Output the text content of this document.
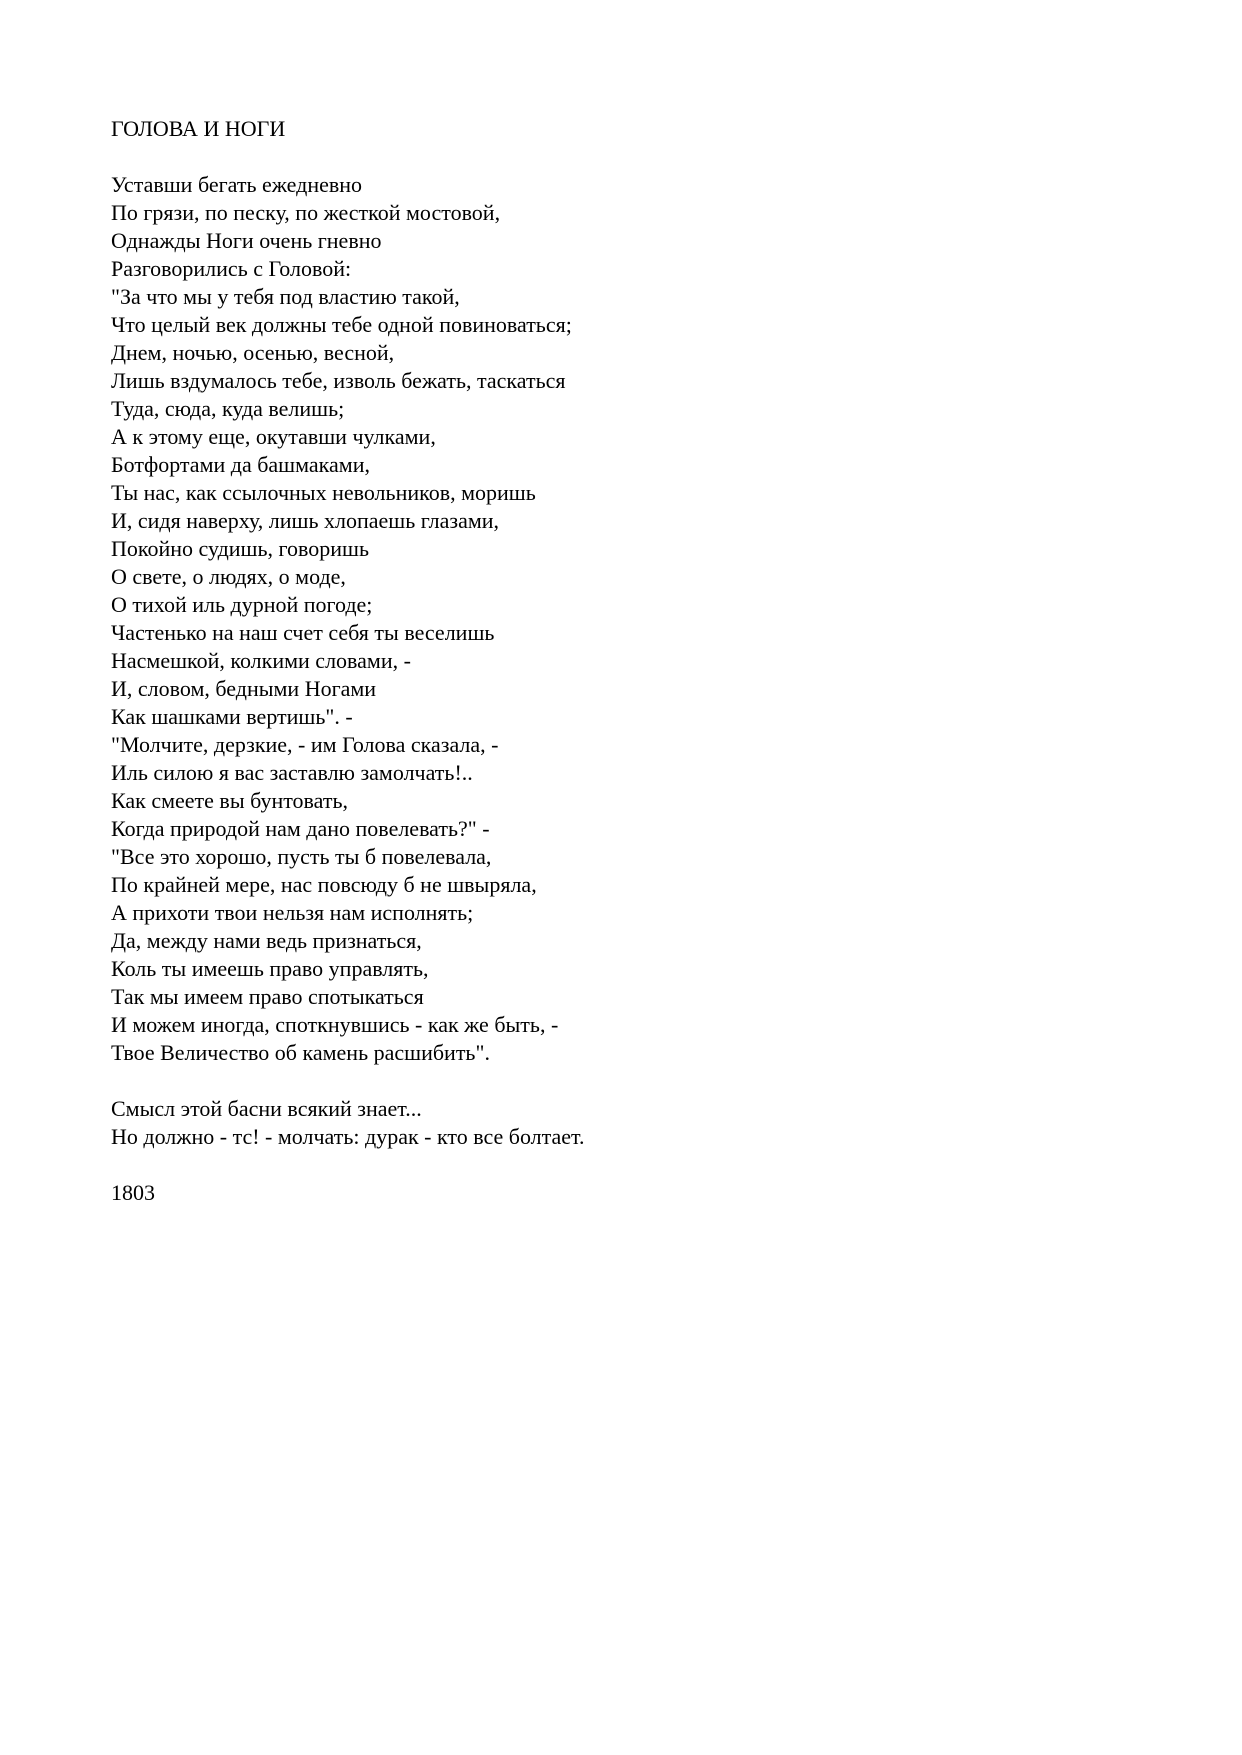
ГОЛОВА И НОГИ
Уставши бегать ежедневно
По грязи, по песку, по жесткой мостовой,
Однажды Ноги очень гневно
Разговорились с Головой:
"За что мы у тебя под властию такой,
Что целый век должны тебе одной повиноваться;
Днем, ночью, осенью, весной,
Лишь вздумалось тебе, изволь бежать, таскаться
Туда, сюда, куда велишь;
А к этому еще, окутавши чулками,
Ботфортами да башмаками,
Ты нас, как ссылочных невольников, моришь
И, сидя наверху, лишь хлопаешь глазами,
Покойно судишь, говоришь
О свете, о людях, о моде,
О тихой иль дурной погоде;
Частенько на наш счет себя ты веселишь
Насмешкой, колкими словами, -
И, словом, бедными Ногами
Как шашками вертишь". -
"Молчите, дерзкие, - им Голова сказала, -
Иль силою я вас заставлю замолчать!..
Как смеете вы бунтовать,
Когда природой нам дано повелевать?" -
"Все это хорошо, пусть ты б повелевала,
По крайней мере, нас повсюду б не швыряла,
А прихоти твои нельзя нам исполнять;
Да, между нами ведь признаться,
Коль ты имеешь право управлять,
Так мы имеем право спотыкаться
И можем иногда, споткнувшись - как же быть, -
Твое Величество об камень расшибить".
Смысл этой басни всякий знает...
Но должно - тс! - молчать: дурак - кто все болтает.
1803
